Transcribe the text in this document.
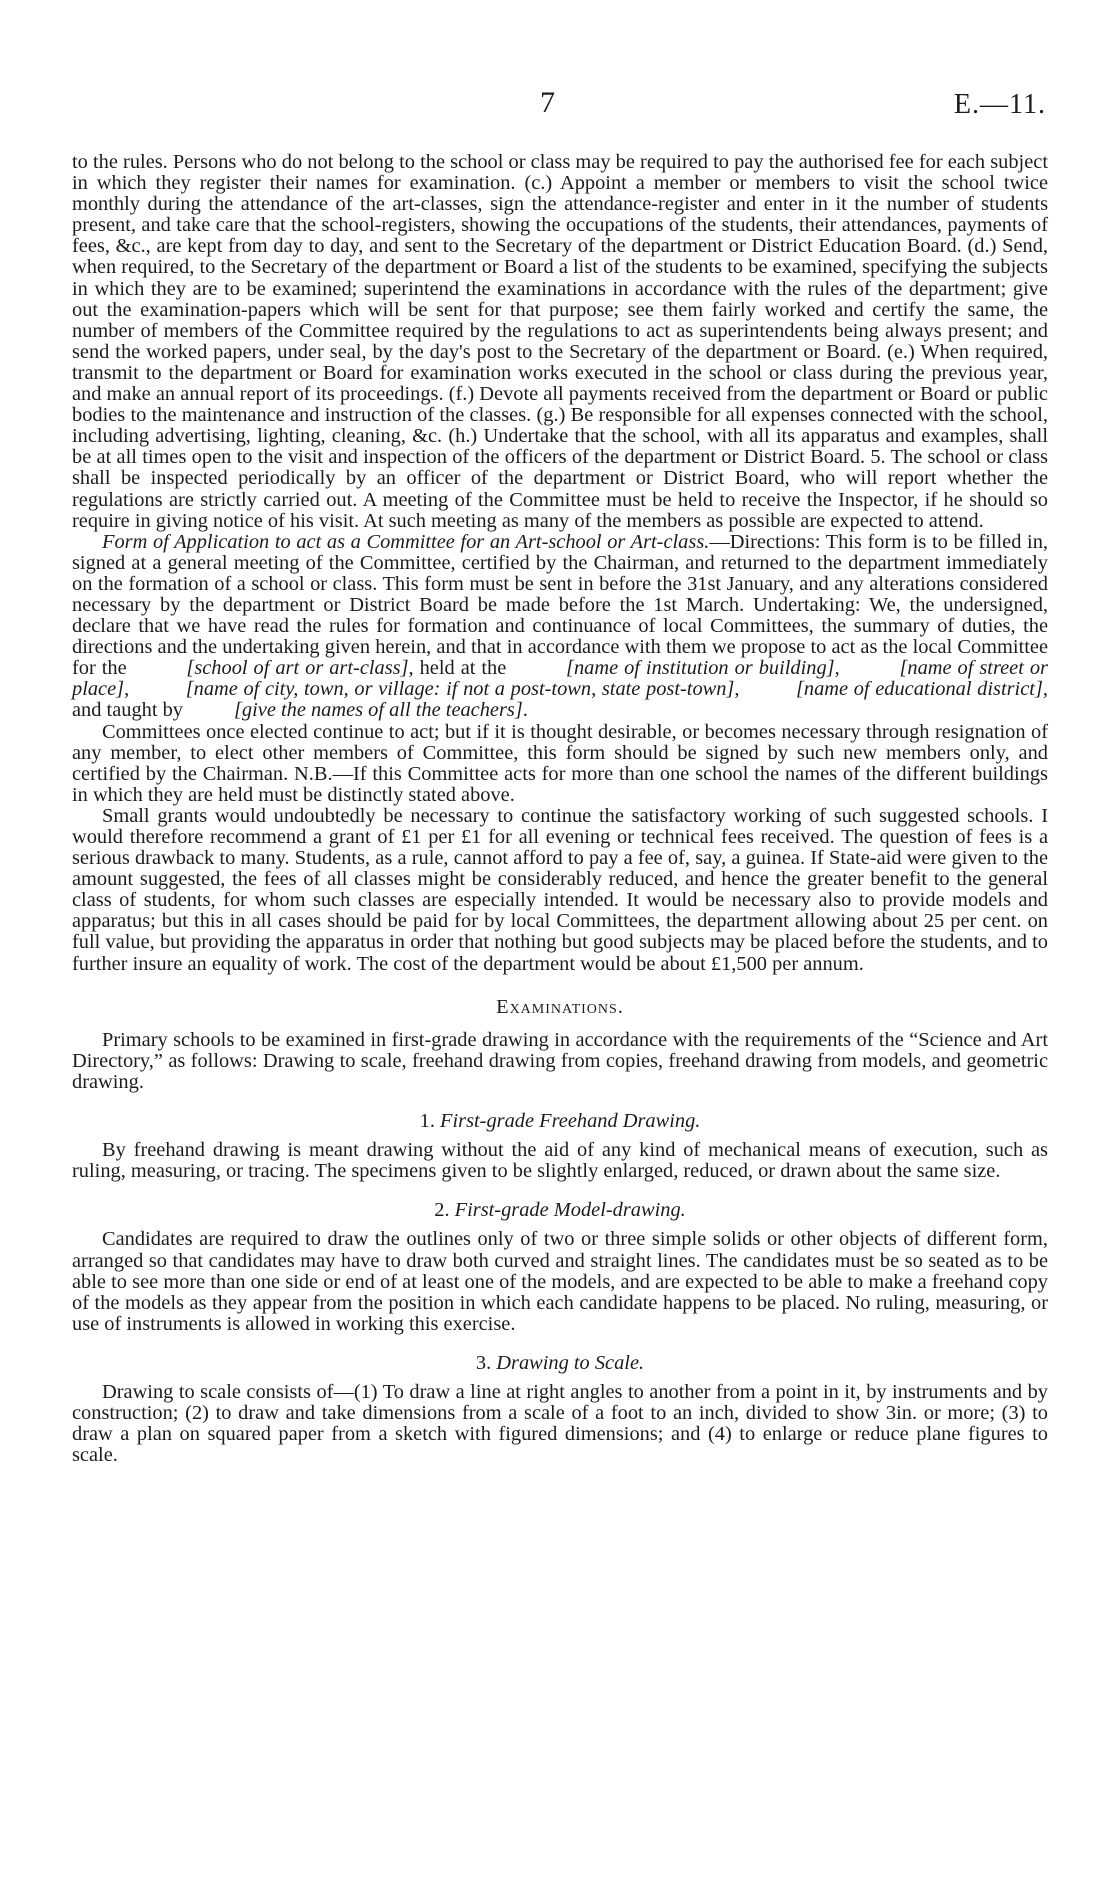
7	E.—11.

to the rules. Persons who do not belong to the school or class may be required to pay the authorised fee for each subject in which they register their names for examination. (c.) Appoint a member or members to visit the school twice monthly during the attendance of the art-classes, sign the attendance-register and enter in it the number of students present, and take care that the school-registers, showing the occupations of the students, their attendances, payments of fees, &c., are kept from day to day, and sent to the Secretary of the department or District Education Board. (d.) Send, when required, to the Secretary of the department or Board a list of the students to be examined, specifying the subjects in which they are to be examined; superintend the examinations in accordance with the rules of the department; give out the examination-papers which will be sent for that purpose; see them fairly worked and certify the same, the number of members of the Committee required by the regulations to act as superintendents being always present; and send the worked papers, under seal, by the day's post to the Secretary of the department or Board. (e.) When required, transmit to the department or Board for examination works executed in the school or class during the previous year, and make an annual report of its proceedings. (f.) Devote all payments received from the department or Board or public bodies to the maintenance and instruction of the classes. (g.) Be responsible for all expenses connected with the school, including advertising, lighting, cleaning, &c. (h.) Undertake that the school, with all its apparatus and examples, shall be at all times open to the visit and inspection of the officers of the department or District Board. 5. The school or class shall be inspected periodically by an officer of the department or District Board, who will report whether the regulations are strictly carried out. A meeting of the Committee must be held to receive the Inspector, if he should so require in giving notice of his visit. At such meeting as many of the members as possible are expected to attend.

Form of Application to act as a Committee for an Art-school or Art-class.—Directions: This form is to be filled in, signed at a general meeting of the Committee, certified by the Chairman, and returned to the department immediately on the formation of a school or class. This form must be sent in before the 31st January, and any alterations considered necessary by the department or District Board be made before the 1st March. Undertaking: We, the undersigned, declare that we have read the rules for formation and continuance of local Committees, the summary of duties, the directions and the undertaking given herein, and that in accordance with them we propose to act as the local Committee for the	[school of art or art-class], held at the	[name of institution or building],	[name of street or place],	[name of city, town, or village: if not a post-town, state post-town],	[name of educational district], and taught by [give the names of all the teachers].

Committees once elected continue to act; but if it is thought desirable, or becomes necessary through resignation of any member, to elect other members of Committee, this form should be signed by such new members only, and certified by the Chairman. N.B.—If this Committee acts for more than one school the names of the different buildings in which they are held must be distinctly stated above.

Small grants would undoubtedly be necessary to continue the satisfactory working of such suggested schools. I would therefore recommend a grant of £1 per £1 for all evening or technical fees received. The question of fees is a serious drawback to many. Students, as a rule, cannot afford to pay a fee of, say, a guinea. If State-aid were given to the amount suggested, the fees of all classes might be considerably reduced, and hence the greater benefit to the general class of students, for whom such classes are especially intended. It would be necessary also to provide models and apparatus; but this in all cases should be paid for by local Committees, the department allowing about 25 per cent. on full value, but providing the apparatus in order that nothing but good subjects may be placed before the students, and to further insure an equality of work. The cost of the department would be about £1,500 per annum.

Examinations.

Primary schools to be examined in first-grade drawing in accordance with the requirements of the “Science and Art Directory,” as follows: Drawing to scale, freehand drawing from copies, freehand drawing from models, and geometric drawing.

1. First-grade Freehand Drawing.

By freehand drawing is meant drawing without the aid of any kind of mechanical means of execution, such as ruling, measuring, or tracing. The specimens given to be slightly enlarged, reduced, or drawn about the same size.

2. First-grade Model-drawing.

Candidates are required to draw the outlines only of two or three simple solids or other objects of different form, arranged so that candidates may have to draw both curved and straight lines. The candidates must be so seated as to be able to see more than one side or end of at least one of the models, and are expected to be able to make a freehand copy of the models as they appear from the position in which each candidate happens to be placed. No ruling, measuring, or use of instruments is allowed in working this exercise.

3. Drawing to Scale.

Drawing to scale consists of—(1) To draw a line at right angles to another from a point in it, by instruments and by construction; (2) to draw and take dimensions from a scale of a foot to an inch, divided to show 3in. or more; (3) to draw a plan on squared paper from a sketch with figured dimensions; and (4) to enlarge or reduce plane figures to scale.
